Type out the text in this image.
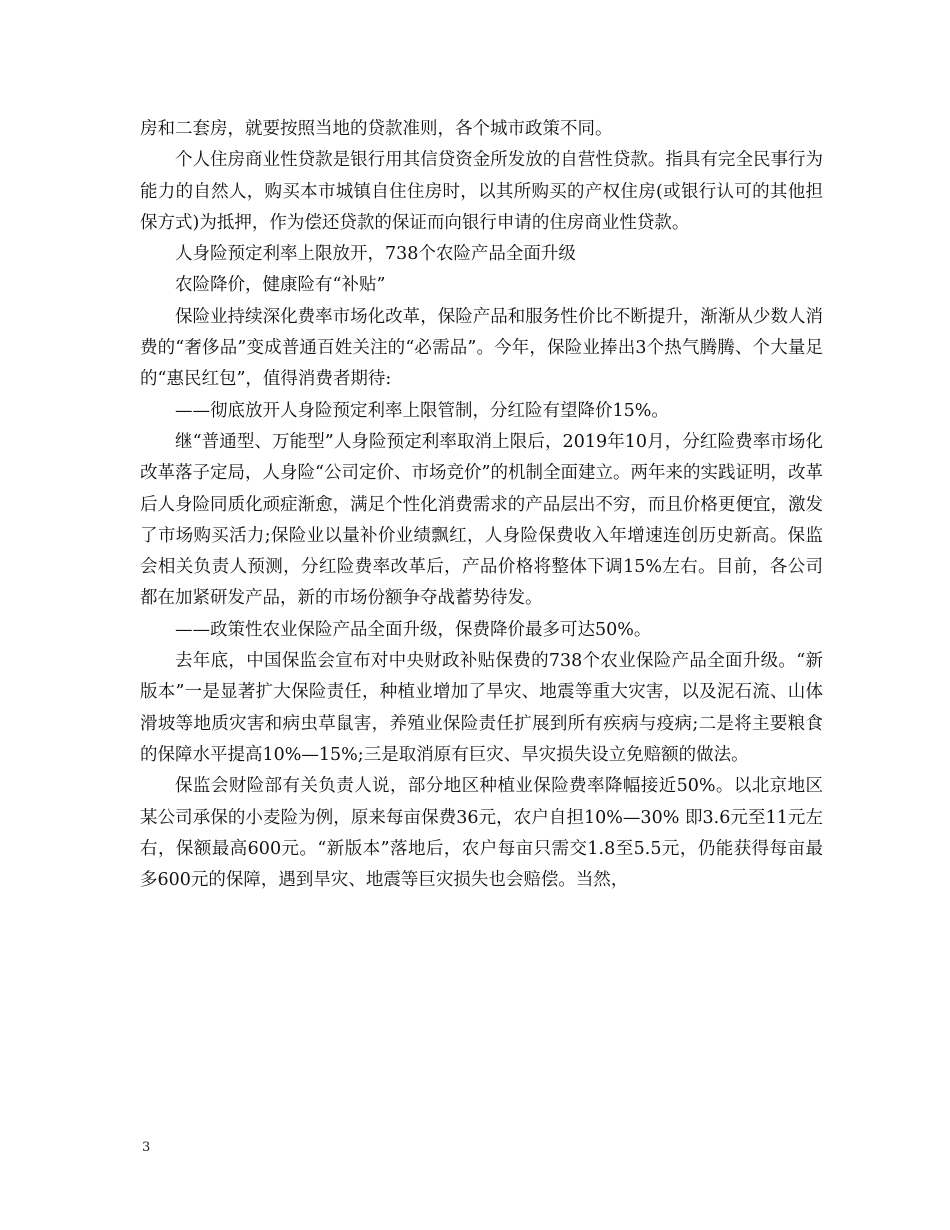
房和二套房，就要按照当地的贷款准则，各个城市政策不同。

个人住房商业性贷款是银行用其信贷资金所发放的自营性贷款。指具有完全民事行为能力的自然人，购买本市城镇自住住房时，以其所购买的产权住房(或银行认可的其他担保方式)为抵押，作为偿还贷款的保证而向银行申请的住房商业性贷款。

人身险预定利率上限放开，738个农险产品全面升级

农险降价，健康险有“补贴”

保险业持续深化费率市场化改革，保险产品和服务性价比不断提升，渐渐从少数人消费的“奢侈品”变成普通百姓关注的“必需品”。今年，保险业捧出3个热气腾腾、个大量足的“惠民红包”，值得消费者期待:

——彻底放开人身险预定利率上限管制，分红险有望降价15%。

继“普通型、万能型”人身险预定利率取消上限后，2019年10月，分红险费率市场化改革落子定局，人身险“公司定价、市场竞价”的机制全面建立。两年来的实践证明，改革后人身险同质化顽症渐愈，满足个性化消费需求的产品层出不穷，而且价格更便宜，激发了市场购买活力;保险业以量补价业绩飘红，人身险保费收入年增速连创历史新高。保监会相关负责人预测，分红险费率改革后，产品价格将整体下调15%左右。目前，各公司都在加紧研发产品，新的市场份额争夺战蓄势待发。

——政策性农业保险产品全面升级，保费降价最多可达50%。

去年底，中国保监会宣布对中央财政补贴保费的738个农业保险产品全面升级。“新版本”一是显著扩大保险责任，种植业增加了旱灾、地震等重大灾害，以及泥石流、山体滑坡等地质灾害和病虫草鼠害，养殖业保险责任扩展到所有疾病与疫病;二是将主要粮食的保障水平提高10%—15%;三是取消原有巨灾、旱灾损失设立免赔额的做法。

保监会财险部有关负责人说，部分地区种植业保险费率降幅接近50%。以北京地区某公司承保的小麦险为例，原来每亩保费36元，农户自担10%—30% 即3.6元至11元左右，保额最高600元。“新版本”落地后，农户每亩只需交1.8至5.5元，仍能获得每亩最多600元的保障，遇到旱灾、地震等巨灾损失也会赔偿。当然，

3
